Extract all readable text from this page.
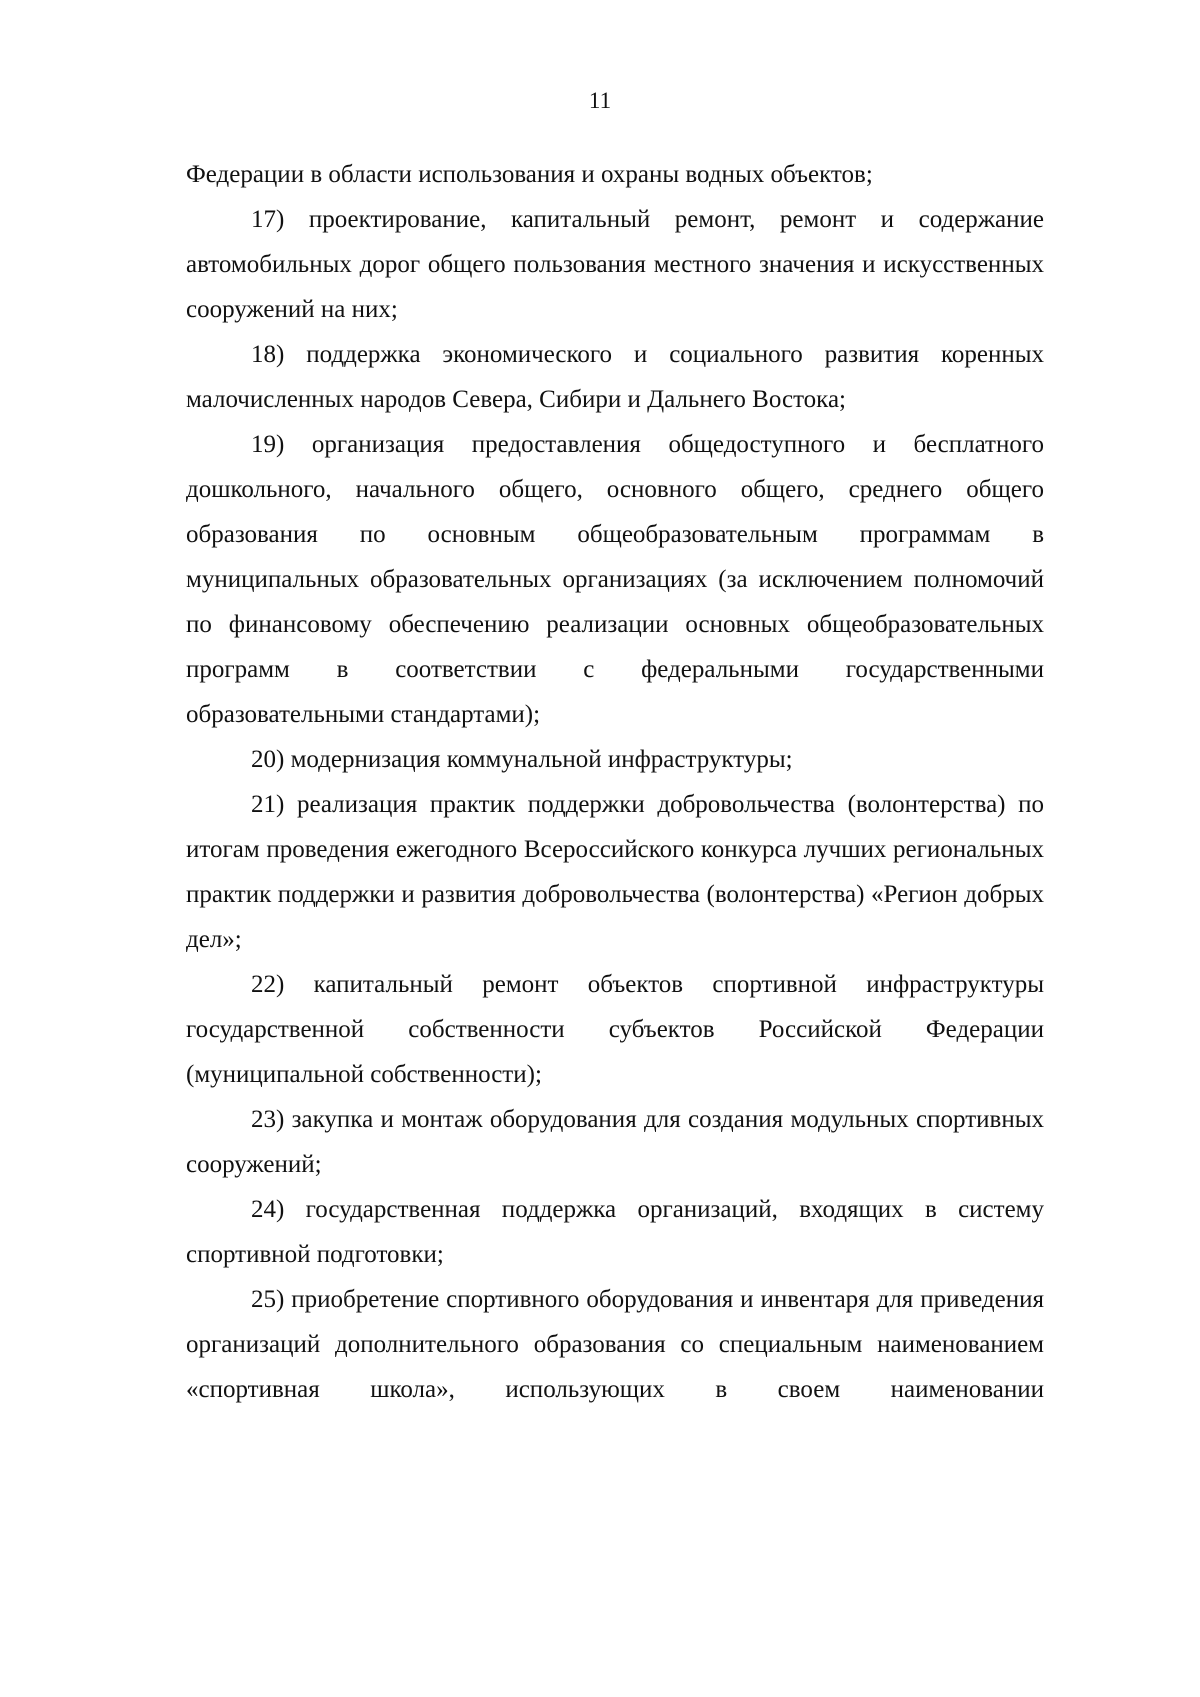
11

Федерации в области использования и охраны водных объектов;

17) проектирование, капитальный ремонт, ремонт и содержание автомобильных дорог общего пользования местного значения и искусственных сооружений на них;

18) поддержка экономического и социального развития коренных малочисленных народов Севера, Сибири и Дальнего Востока;

19) организация предоставления общедоступного и бесплатного дошкольного, начального общего, основного общего, среднего общего образования по основным общеобразовательным программам в муниципальных образовательных организациях (за исключением полномочий по финансовому обеспечению реализации основных общеобразовательных программ в соответствии с федеральными государственными образовательными стандартами);

20) модернизация коммунальной инфраструктуры;

21) реализация практик поддержки добровольчества (волонтерства) по итогам проведения ежегодного Всероссийского конкурса лучших региональных практик поддержки и развития добровольчества (волонтерства) «Регион добрых дел»;

22) капитальный ремонт объектов спортивной инфраструктуры государственной собственности субъектов Российской Федерации (муниципальной собственности);

23) закупка и монтаж оборудования для создания модульных спортивных сооружений;

24) государственная поддержка организаций, входящих в систему спортивной подготовки;

25) приобретение спортивного оборудования и инвентаря для приведения организаций дополнительного образования со специальным наименованием «спортивная школа», использующих в своем наименовании
